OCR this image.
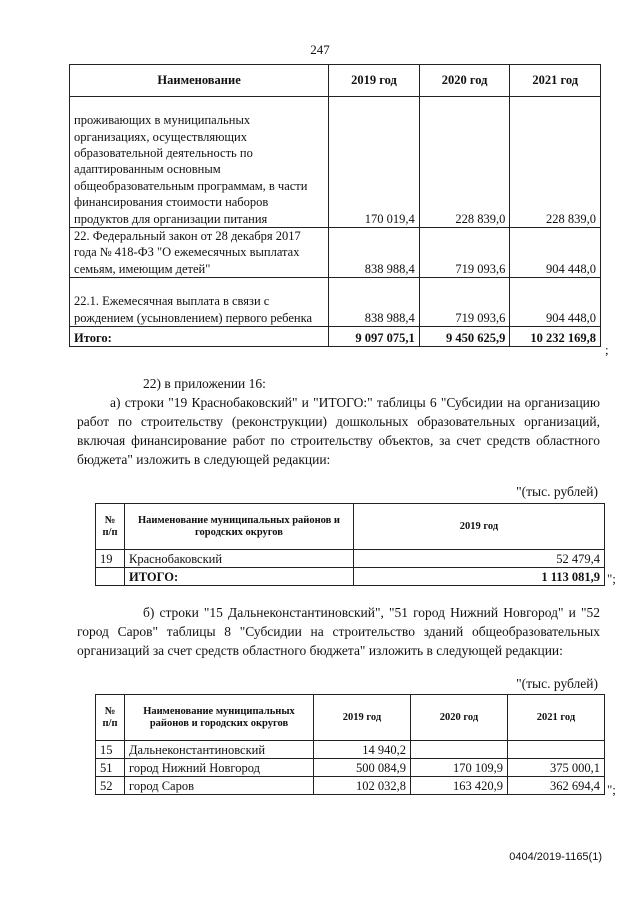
247
Наименование	2019 год	2020 год	2021 год
проживающих в муниципальных организациях, осуществляющих образовательной деятельность по адаптированным основным общеобразовательным программам, в части финансирования стоимости наборов продуктов для организации питания	170 019,4	228 839,0	228 839,0
22. Федеральный закон от 28 декабря 2017 года № 418-ФЗ "О ежемесячных выплатах семьям, имеющим детей"	838 988,4	719 093,6	904 448,0
22.1. Ежемесячная выплата в связи с рождением (усыновлением) первого ребенка	838 988,4	719 093,6	904 448,0
Итого:	9 097 075,1	9 450 625,9	10 232 169,8
;
22) в приложении 16:
а) строки "19 Краснобаковский" и "ИТОГО:" таблицы 6 "Субсидии на организацию работ по строительству (реконструкции) дошкольных образовательных организаций, включая финансирование работ по строительству объектов, за счет средств областного бюджета" изложить в следующей редакции:
"(тыс. рублей)
№ п/п	Наименование муниципальных районов и городских округов	2019 год
19	Краснобаковский	52 479,4
	ИТОГО:	1 113 081,9 ";
б) строки "15 Дальнеконстантиновский", "51 город Нижний Новгород" и "52 город Саров" таблицы 8 "Субсидии на строительство зданий общеобразовательных организаций за счет средств областного бюджета" изложить в следующей редакции:
"(тыс. рублей)
№ п/п	Наименование муниципальных районов и городских округов	2019 год	2020 год	2021 год
15	Дальнеконстантиновский	14 940,2		
51	город Нижний Новгород	500 084,9	170 109,9	375 000,1
52	город Саров	102 032,8	163 420,9	362 694,4 ";
0404/2019-1165(1)
